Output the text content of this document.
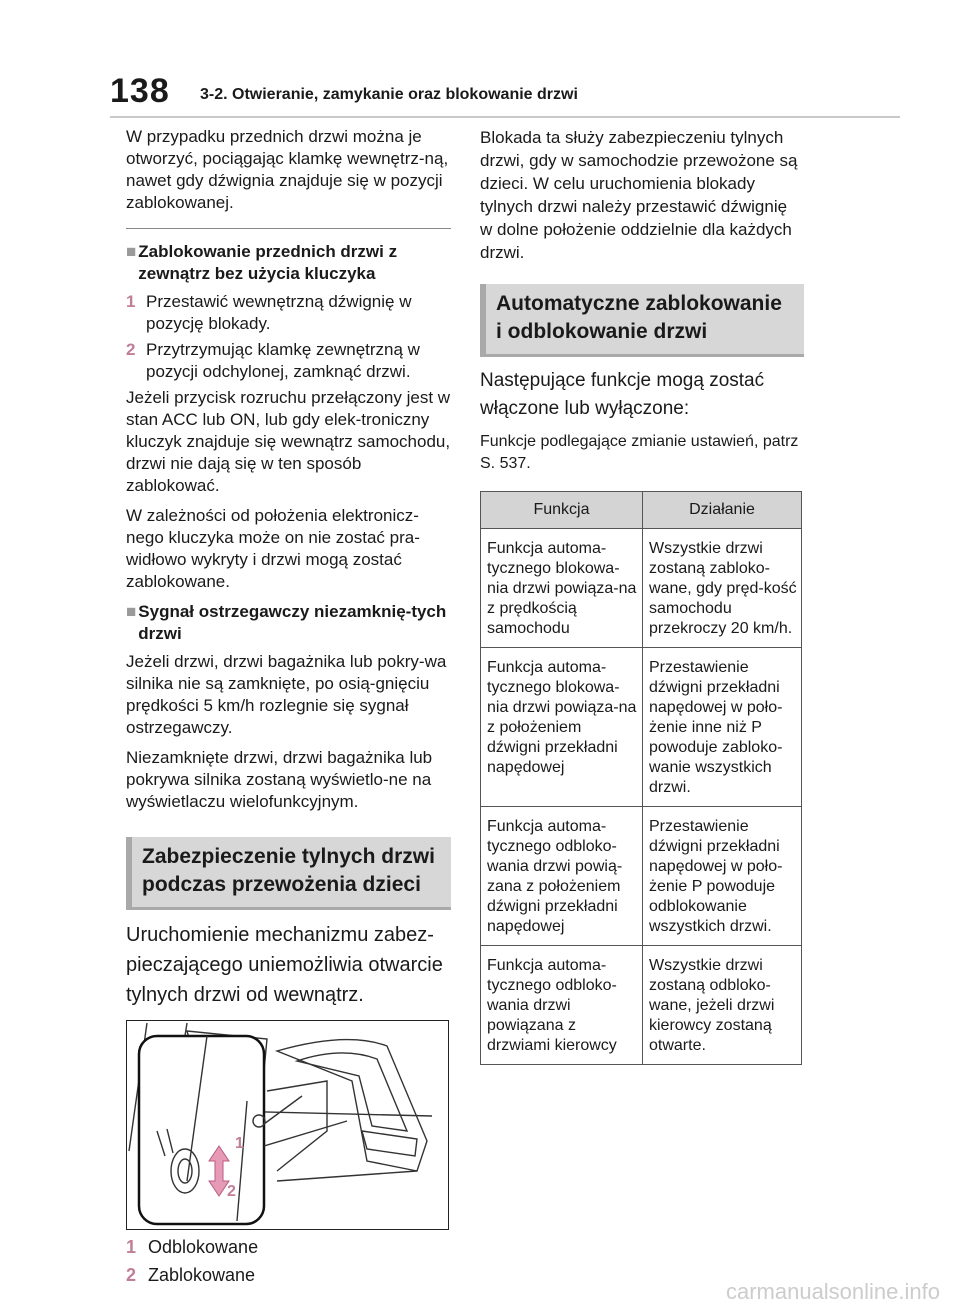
138 3-2. Otwieranie, zamykanie oraz blokowanie drzwi

W przypadku przednich drzwi można je otworzyć, pociągając klamkę wewnętrz-ną, nawet gdy dźwignia znajduje się w pozycji zablokowanej.

■ Zablokowanie przednich drzwi z zewnątrz bez użycia kluczyka
1 Przestawić wewnętrzną dźwignię w pozycję blokady.
2 Przytrzymując klamkę zewnętrzną w pozycji odchylonej, zamknąć drzwi.

Jeżeli przycisk rozruchu przełączony jest w stan ACC lub ON, lub gdy elek-troniczny kluczyk znajduje się wewnątrz samochodu, drzwi nie dają się w ten sposób zablokować.

W zależności od położenia elektronicz-nego kluczyka może on nie zostać pra-widłowo wykryty i drzwi mogą zostać zablokowane.

■ Sygnał ostrzegawczy niezamknię-tych drzwi

Jeżeli drzwi, drzwi bagażnika lub pokry-wa silnika nie są zamknięte, po osią-gnięciu prędkości 5 km/h rozlegnie się sygnał ostrzegawczy.

Niezamknięte drzwi, drzwi bagażnika lub pokrywa silnika zostaną wyświetlo-ne na wyświetlaczu wielofunkcyjnym.

Zabezpieczenie tylnych drzwi
podczas przewożenia dzieci
Uruchomienie mechanizmu zabez-pieczającego uniemożliwia otwarcie tylnych drzwi od wewnątrz.
1
2
1 Odblokowane
2 Zablokowane

Blokada ta służy zabezpieczeniu tylnych drzwi, gdy w samochodzie przewożone są dzieci. W celu uruchomienia blokady tylnych drzwi należy przestawić dźwignię w dolne położenie oddzielnie dla każdych drzwi.

Automatyczne zablokowanie
i odblokowanie drzwi
Następujące funkcje mogą zostać włączone lub wyłączone:

Funkcje podlegające zmianie ustawień, patrz S. 537.

Funkcja	Działanie
Funkcja automa-tycznego blokowa-nia drzwi powiąza-na z prędkością samochodu	Wszystkie drzwi zostaną zabloko-wane, gdy pręd-kość samochodu przekroczy 20 km/h.
Funkcja automa-tycznego blokowa-nia drzwi powiąza-na z położeniem dźwigni przekładni napędowej	Przestawienie dźwigni przekładni napędowej w poło-żenie inne niż P powoduje zabloko-wanie wszystkich drzwi.
Funkcja automa-tycznego odbloko-wania drzwi powią-zana z położeniem dźwigni przekładni napędowej	Przestawienie dźwigni przekładni napędowej w poło-żenie P powoduje odblokowanie wszystkich drzwi.
Funkcja automa-tycznego odbloko-wania drzwi powiązana z drzwiami kierowcy	Wszystkie drzwi zostaną odbloko-wane, jeżeli drzwi kierowcy zostaną otwarte.
carmanualsonline.info
